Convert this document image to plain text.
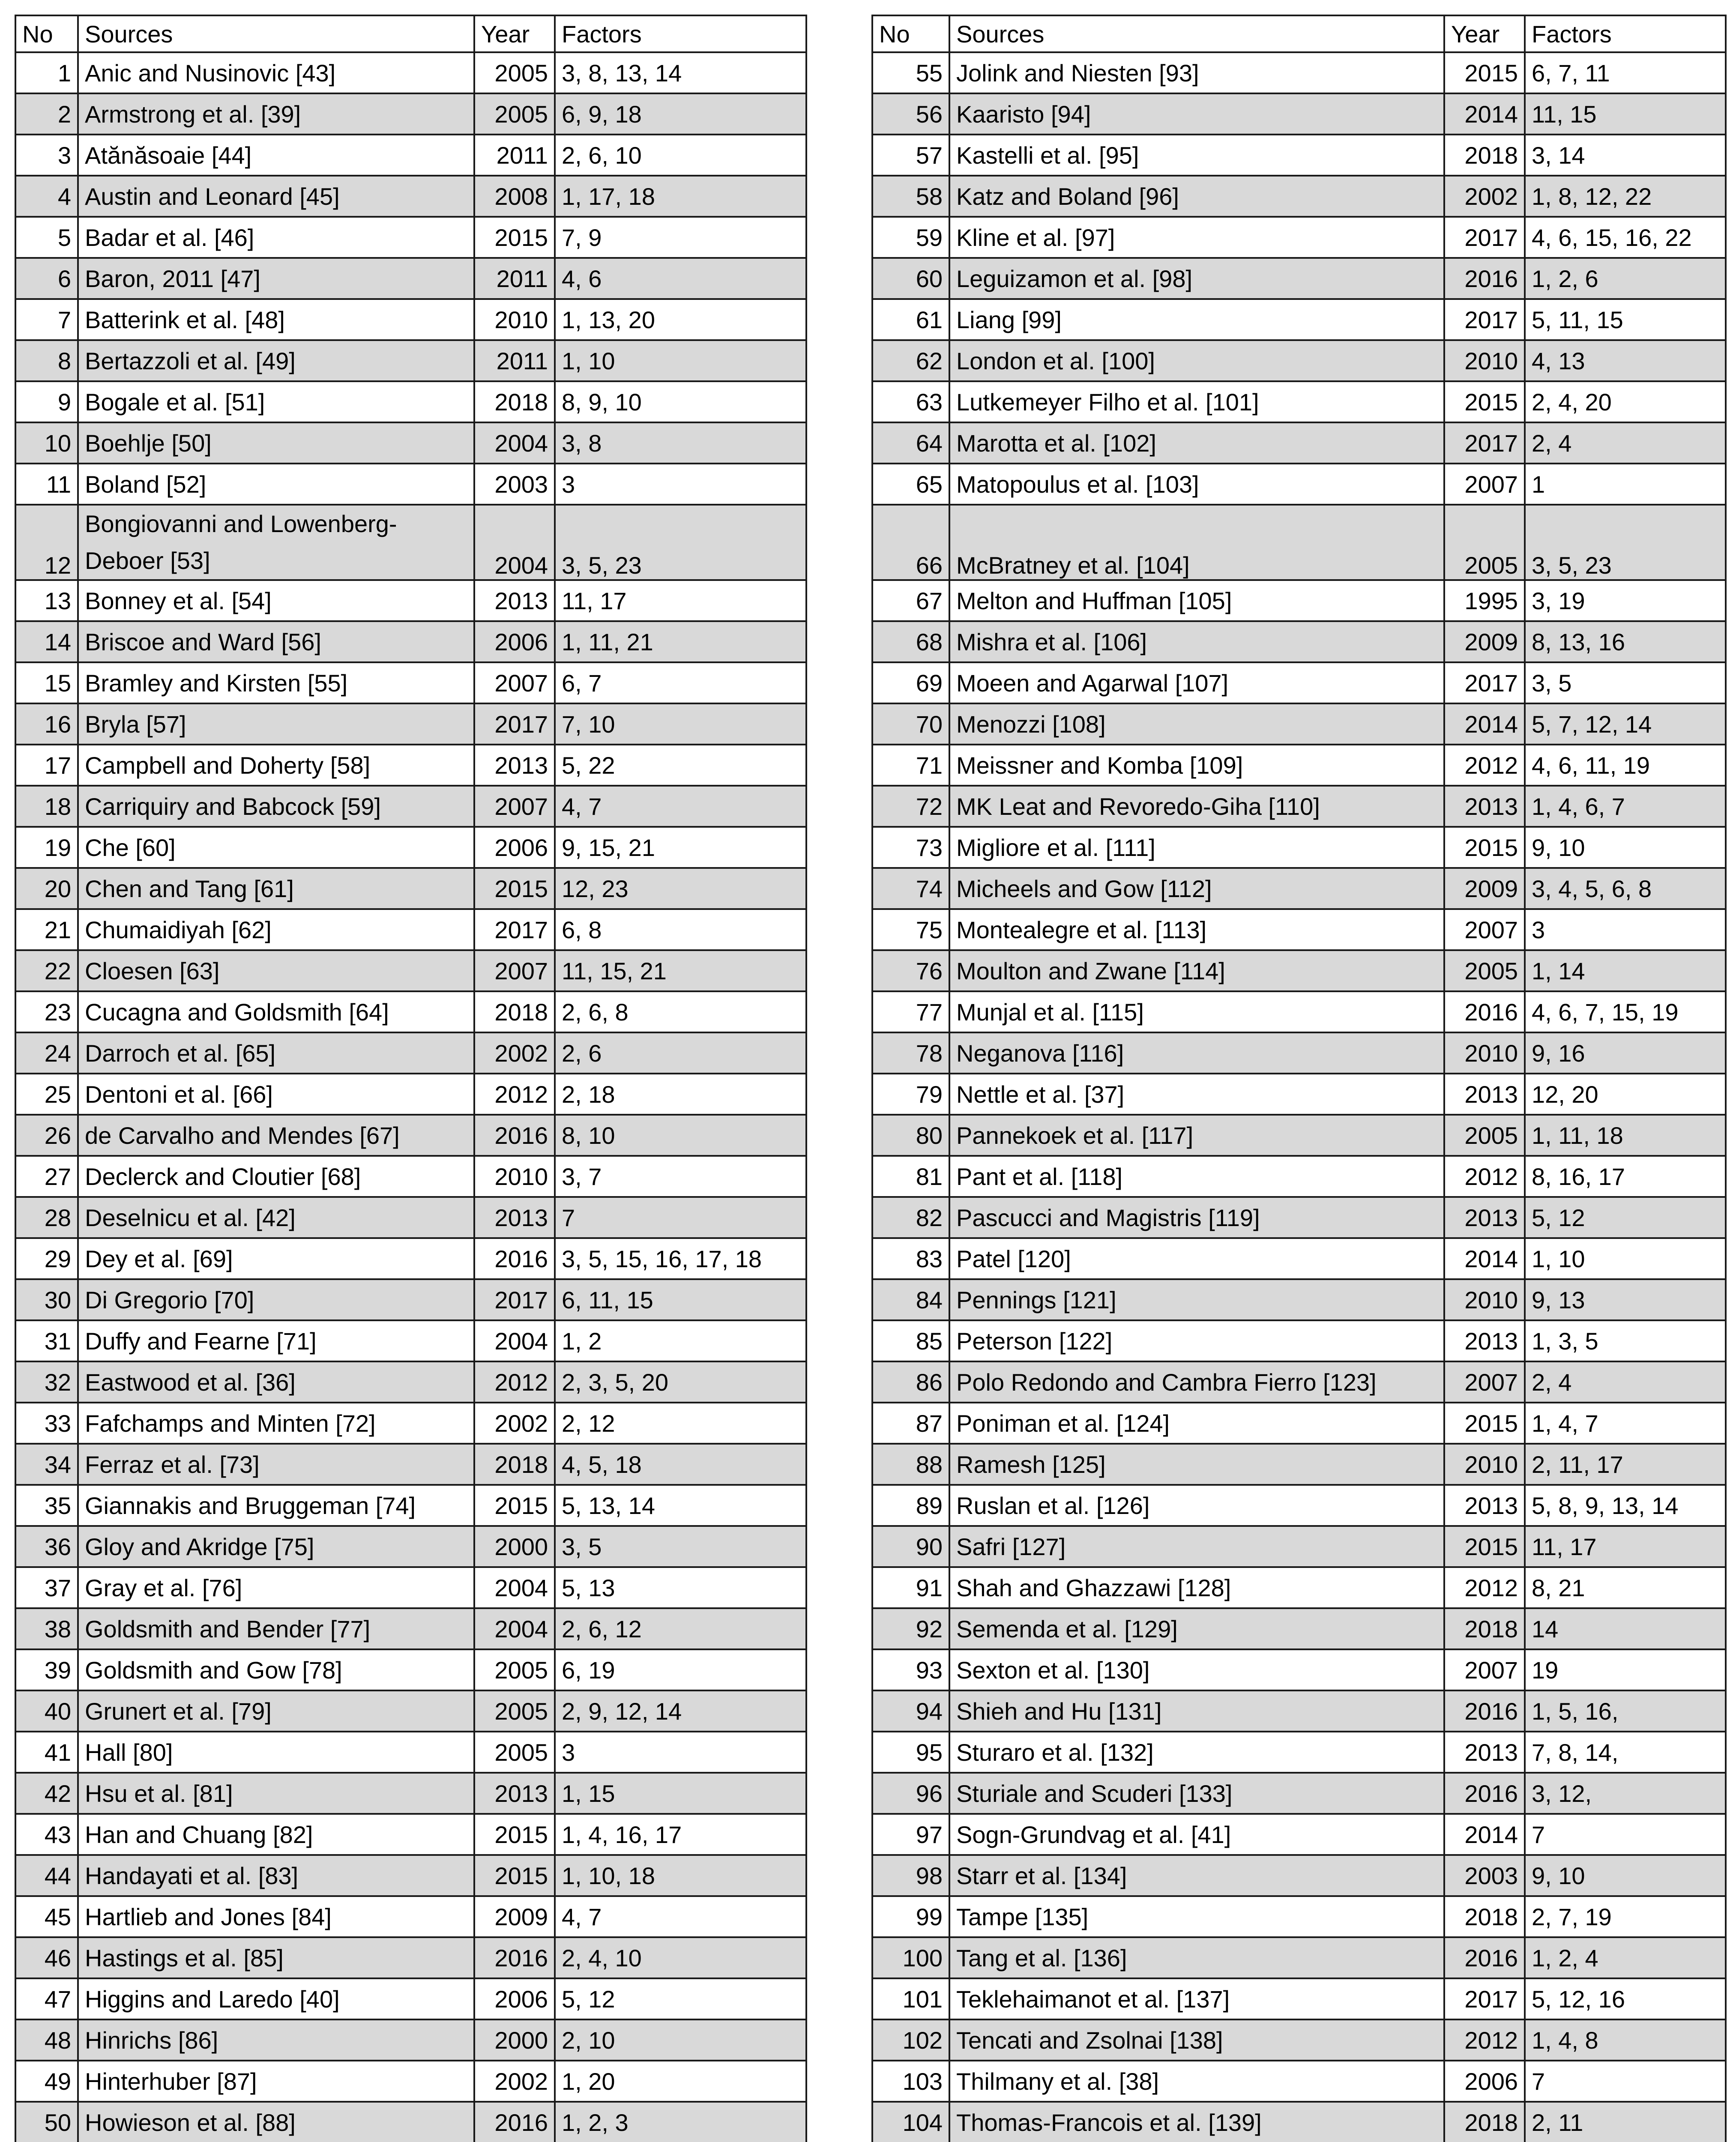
No	Sources	Year	Factors
1	Anic and Nusinovic [43]	2005	3, 8, 13, 14
2	Armstrong et al. [39]	2005	6, 9, 18
3	Atănăsoaie [44]	2011	2, 6, 10
4	Austin and Leonard [45]	2008	1, 17, 18
5	Badar et al. [46]	2015	7, 9
6	Baron, 2011 [47]	2011	4, 6
7	Batterink et al. [48]	2010	1, 13, 20
8	Bertazzoli et al. [49]	2011	1, 10
9	Bogale et al. [51]	2018	8, 9, 10
10	Boehlje [50]	2004	3, 8
11	Boland [52]	2003	3
12	Bongiovanni and Lowenberg-Deboer [53]	2004	3, 5, 23
13	Bonney et al. [54]	2013	11, 17
14	Briscoe and Ward [56]	2006	1, 11, 21
15	Bramley and Kirsten [55]	2007	6, 7
16	Bryla [57]	2017	7, 10
17	Campbell and Doherty [58]	2013	5, 22
18	Carriquiry and Babcock [59]	2007	4, 7
19	Che [60]	2006	9, 15, 21
20	Chen and Tang [61]	2015	12, 23
21	Chumaidiyah [62]	2017	6, 8
22	Cloesen [63]	2007	11, 15, 21
23	Cucagna and Goldsmith [64]	2018	2, 6, 8
24	Darroch et al. [65]	2002	2, 6
25	Dentoni et al. [66]	2012	2, 18
26	de Carvalho and Mendes [67]	2016	8, 10
27	Declerck and Cloutier [68]	2010	3, 7
28	Deselnicu et al. [42]	2013	7
29	Dey et al. [69]	2016	3, 5, 15, 16, 17, 18
30	Di Gregorio [70]	2017	6, 11, 15
31	Duffy and Fearne [71]	2004	1, 2
32	Eastwood et al. [36]	2012	2, 3, 5, 20
33	Fafchamps and Minten [72]	2002	2, 12
34	Ferraz et al. [73]	2018	4, 5, 18
35	Giannakis and Bruggeman [74]	2015	5, 13, 14
36	Gloy and Akridge [75]	2000	3, 5
37	Gray et al. [76]	2004	5, 13
38	Goldsmith and Bender [77]	2004	2, 6, 12
39	Goldsmith and Gow [78]	2005	6, 19
40	Grunert et al. [79]	2005	2, 9, 12, 14
41	Hall [80]	2005	3
42	Hsu et al. [81]	2013	1, 15
43	Han and Chuang [82]	2015	1, 4, 16, 17
44	Handayati et al. [83]	2015	1, 10, 18
45	Hartlieb and Jones [84]	2009	4, 7
46	Hastings et al. [85]	2016	2, 4, 10
47	Higgins and Laredo [40]	2006	5, 12
48	Hinrichs [86]	2000	2, 10
49	Hinterhuber [87]	2002	1, 20
50	Howieson et al. [88]	2016	1, 2, 3

No	Sources	Year	Factors
55	Jolink and Niesten [93]	2015	6, 7, 11
56	Kaaristo [94]	2014	11, 15
57	Kastelli et al. [95]	2018	3, 14
58	Katz and Boland [96]	2002	1, 8, 12, 22
59	Kline et al. [97]	2017	4, 6, 15, 16, 22
60	Leguizamon et al. [98]	2016	1, 2, 6
61	Liang [99]	2017	5, 11, 15
62	London et al. [100]	2010	4, 13
63	Lutkemeyer Filho et al. [101]	2015	2, 4, 20
64	Marotta et al. [102]	2017	2, 4
65	Matopoulus et al. [103]	2007	1
66	McBratney et al. [104]	2005	3, 5, 23
67	Melton and Huffman [105]	1995	3, 19
68	Mishra et al. [106]	2009	8, 13, 16
69	Moeen and Agarwal [107]	2017	3, 5
70	Menozzi [108]	2014	5, 7, 12, 14
71	Meissner and Komba [109]	2012	4, 6, 11, 19
72	MK Leat and Revoredo-Giha [110]	2013	1, 4, 6, 7
73	Migliore et al. [111]	2015	9, 10
74	Micheels and Gow [112]	2009	3, 4, 5, 6, 8
75	Montealegre et al. [113]	2007	3
76	Moulton and Zwane [114]	2005	1, 14
77	Munjal et al. [115]	2016	4, 6, 7, 15, 19
78	Neganova [116]	2010	9, 16
79	Nettle et al. [37]	2013	12, 20
80	Pannekoek et al. [117]	2005	1, 11, 18
81	Pant et al. [118]	2012	8, 16, 17
82	Pascucci and Magistris [119]	2013	5, 12
83	Patel [120]	2014	1, 10
84	Pennings [121]	2010	9, 13
85	Peterson [122]	2013	1, 3, 5
86	Polo Redondo and Cambra Fierro [123]	2007	2, 4
87	Poniman et al. [124]	2015	1, 4, 7
88	Ramesh [125]	2010	2, 11, 17
89	Ruslan et al. [126]	2013	5, 8, 9, 13, 14
90	Safri [127]	2015	11, 17
91	Shah and Ghazzawi [128]	2012	8, 21
92	Semenda et al. [129]	2018	14
93	Sexton et al. [130]	2007	19
94	Shieh and Hu [131]	2016	1, 5, 16,
95	Sturaro et al. [132]	2013	7, 8, 14,
96	Sturiale and Scuderi [133]	2016	3, 12,
97	Sogn-Grundvag et al. [41]	2014	7
98	Starr et al. [134]	2003	9, 10
99	Tampe [135]	2018	2, 7, 19
100	Tang et al. [136]	2016	1, 2, 4
101	Teklehaimanot et al. [137]	2017	5, 12, 16
102	Tencati and Zsolnai [138]	2012	1, 4, 8
103	Thilmany et al. [38]	2006	7
104	Thomas-Francois et al. [139]	2018	2, 11
